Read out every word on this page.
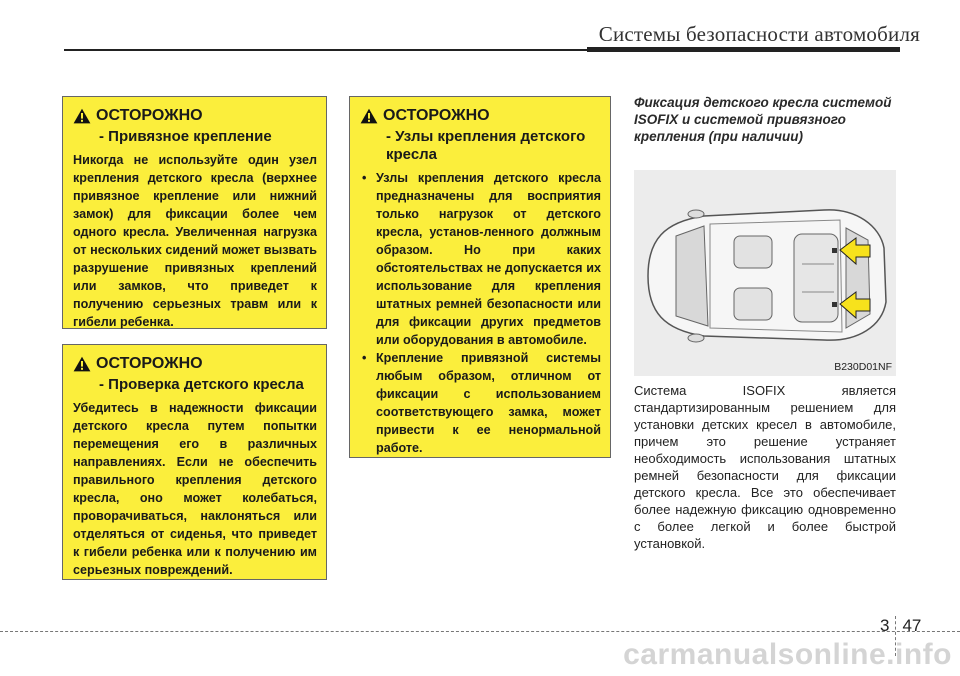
Системы безопасности автомобиля
ОСТОРОЖНО
- Привязное крепление
Никогда не используйте один узел крепления детского кресла (верхнее привязное крепление или нижний замок) для фиксации более чем одного кресла. Увеличенная нагрузка от нескольких сидений может вызвать разрушение привязных креплений или замков, что приведет к получению серьезных травм или к гибели ребенка.
ОСТОРОЖНО
- Проверка детского кресла
Убедитесь в надежности фиксации детского кресла путем попытки перемещения его в различных направлениях. Если не обеспечить правильного крепления детского кресла, оно может колебаться, проворачиваться, наклоняться или отделяться от сиденья, что приведет к гибели ребенка или к получению им серьезных повреждений.
ОСТОРОЖНО
- Узлы крепления детского кресла
• Узлы крепления детского кресла предназначены для восприятия только нагрузок от детского кресла, установ-ленного должным образом. Но при каких обстоятельствах не допускается их использование для крепления штатных ремней безопасности или для фиксации других предметов или оборудования в автомобиле.
• Крепление привязной системы любым образом, отличном от фиксации с использованием соответствующего замка, может привести к ее ненормальной работе.
Фиксация детского кресла системой ISOFIX и системой привязного крепления (при наличии)
B230D01NF
Система ISOFIX является стандартизированным решением для установки детских кресел в автомобиле, причем это решение устраняет необходимость использования штатных ремней безопасности для фиксации детского кресла. Все это обеспечивает более надежную фиксацию одновременно с более легкой и более быстрой установкой.
3 47
carmanualsonline.info
